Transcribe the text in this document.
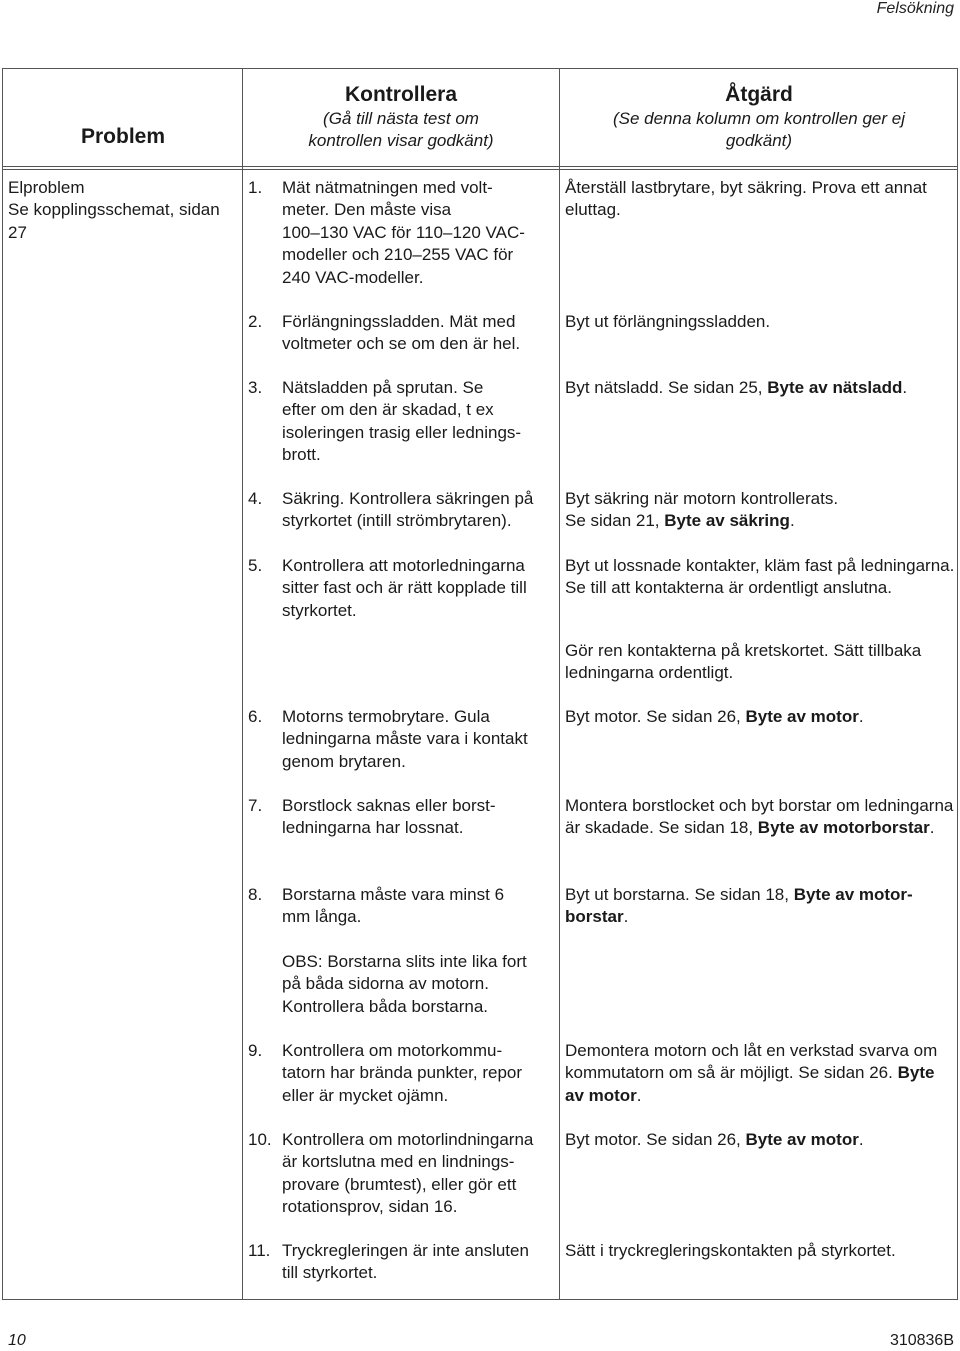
Felsökning
Problem
Kontrollera
(Gå till nästa test om kontrollen visar godkänt)
Åtgärd
(Se denna kolumn om kontrollen ger ej godkänt)
Elproblem
Se kopplingsschemat, sidan 27
1. Mät nätmatningen med volt-
meter. Den måste visa
100–130 VAC för 110–120 VAC-
modeller och 210–255 VAC för
240 VAC-modeller.
Återställ lastbrytare, byt säkring. Prova ett annat eluttag.
2. Förlängningssladden. Mät med
voltmeter och se om den är hel.
Byt ut förlängningssladden.
3. Nätsladden på sprutan. Se
efter om den är skadad, t ex
isoleringen trasig eller lednings-
brott.
Byt nätsladd. Se sidan 25, Byte av nätsladd.
4. Säkring. Kontrollera säkringen på
styrkortet (intill strömbrytaren).
Byt säkring när motorn kontrollerats.
Se sidan 21, Byte av säkring.
5. Kontrollera att motorledningarna
sitter fast och är rätt kopplade till
styrkortet.
Byt ut lossnade kontakter, kläm fast på ledningarna. Se till att kontakterna är ordentligt anslutna.
Gör ren kontakterna på kretskortet. Sätt tillbaka ledningarna ordentligt.
6. Motorns termobrytare. Gula
ledningarna måste vara i kontakt
genom brytaren.
Byt motor. Se sidan 26, Byte av motor.
7. Borstlock saknas eller borst-
ledningarna har lossnat.
Montera borstlocket och byt borstar om ledningarna är skadade. Se sidan 18, Byte av motorborstar.
8. Borstarna måste vara minst 6
mm långa.
Byt ut borstarna. Se sidan 18, Byte av motor-
borstar.
OBS: Borstarna slits inte lika fort
på båda sidorna av motorn.
Kontrollera båda borstarna.
9. Kontrollera om motorkommu-
tatorn har brända punkter, repor
eller är mycket ojämn.
Demontera motorn och låt en verkstad svarva om kommutatorn om så är möjligt. Se sidan 26. Byte av motor.
10. Kontrollera om motorlindningarna
är kortslutna med en lindnings-
provare (brumtest), eller gör ett
rotationsprov, sidan 16.
Byt motor. Se sidan 26, Byte av motor.
11. Tryckregleringen är inte ansluten
till styrkortet.
Sätt i tryckregleringskontakten på styrkortet.
10	310836B
